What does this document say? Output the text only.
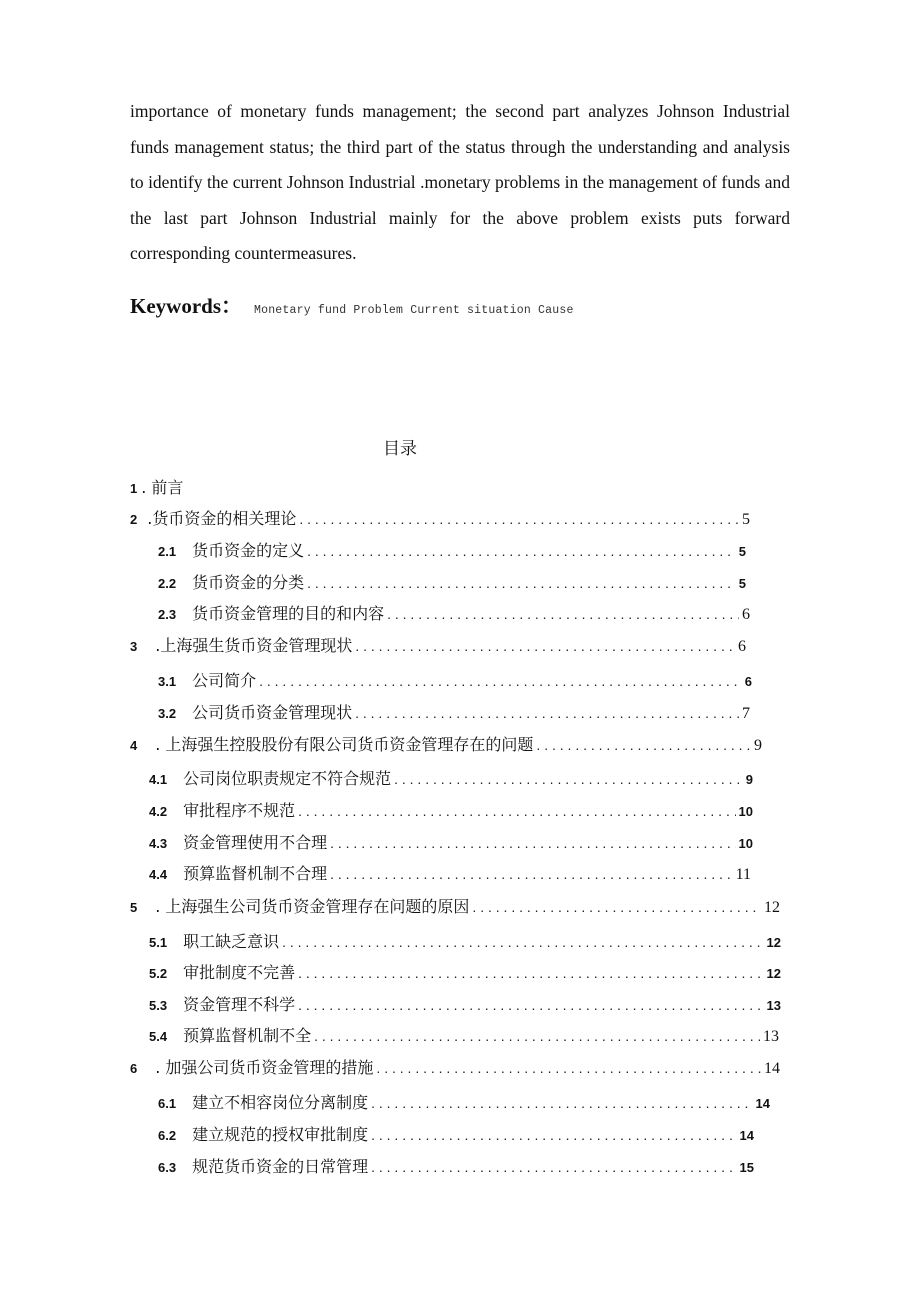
importance of monetary funds management; the second part analyzes Johnson Industrial funds management status; the third part of the status through the understanding and analysis to identify the current Johnson Industrial .monetary problems in the management of funds and the last part Johnson Industrial mainly for the above problem exists puts forward corresponding countermeasures.
Keywords： Monetary fund Problem Current situation Cause
目录
1 . 前言
2 .货币资金的相关理论 . . .	5
2.1 货币资金的定义 . . .	5
2.2 货币资金的分类 . . .	5
2.3 货币资金管理的目的和内容 . . .	6
3 .上海强生货币资金管理现状 . . .	6
3.1 公司简介 . . .	6
3.2 公司货币资金管理现状 . . .	7
4 . 上海强生控股股份有限公司货币资金管理存在的问题 . . .	9
4.1 公司岗位职责规定不符合规范 . . .	9
4.2 审批程序不规范 . . .	10
4.3 资金管理使用不合理 . . .	10
4.4 预算监督机制不合理 . . .	11
5 . 上海强生公司货币资金管理存在问题的原因 . . .	12
5.1 职工缺乏意识 . . .	12
5.2 审批制度不完善 . . .	12
5.3 资金管理不科学 . . .	13
5.4 预算监督机制不全 . . .	13
6 . 加强公司货币资金管理的措施 . . .	14
6.1 建立不相容岗位分离制度 . . .	14
6.2 建立规范的授权审批制度 . . .	14
6.3 规范货币资金的日常管理 . . .	15
